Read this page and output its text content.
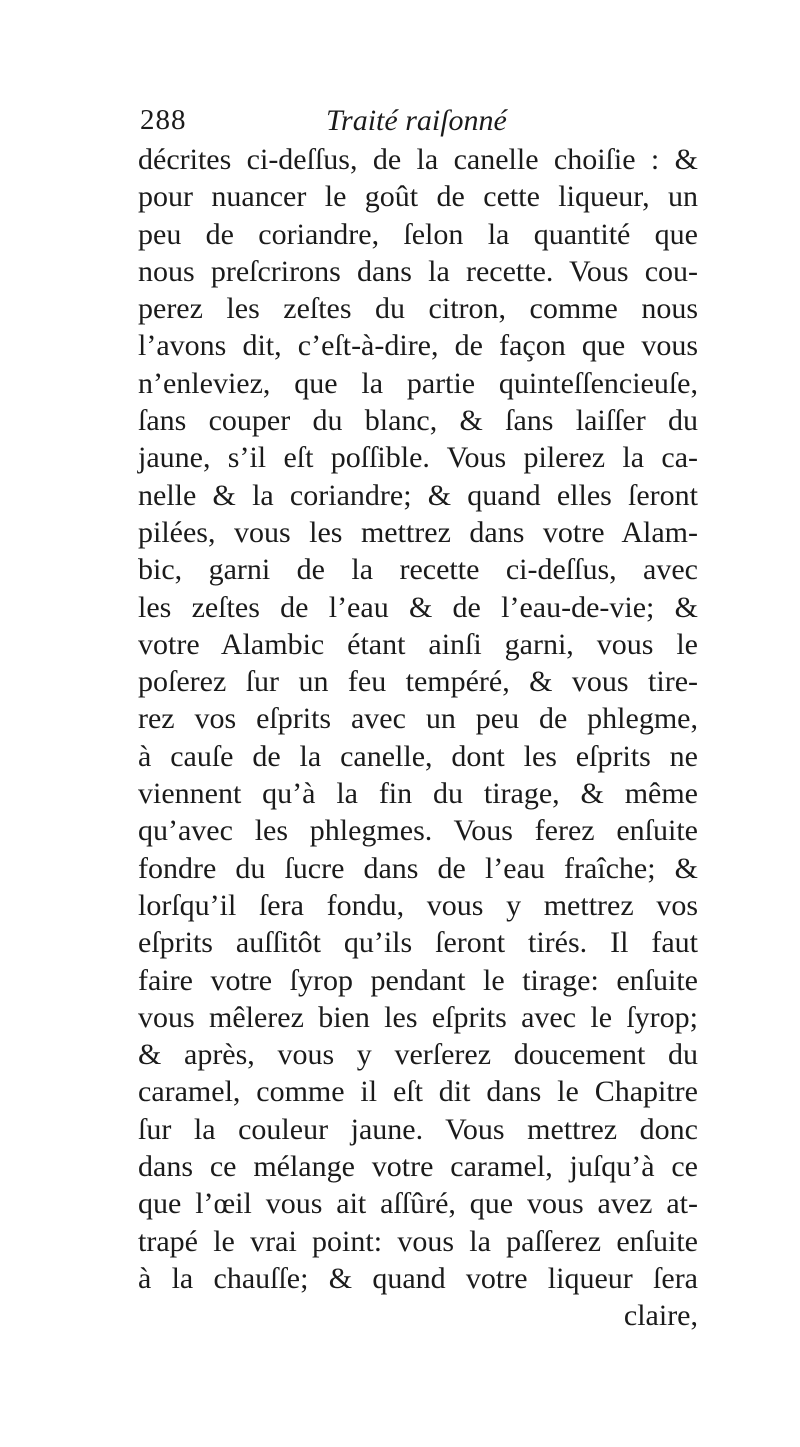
288	Traité raiſonné
décrites ci-deſſus, de la canelle choiſie : &
pour nuancer le goût de cette liqueur, un
peu de coriandre, ſelon la quantité que
nous preſcrirons dans la recette. Vous cou-
perez les zeſtes du citron, comme nous
l’avons dit, c’eſt-à-dire, de façon que vous
n’enleviez, que la partie quinteſſencieuſe,
ſans couper du blanc, & ſans laiſſer du
jaune, s’il eſt poſſible. Vous pilerez la ca-
nelle & la coriandre; & quand elles ſeront
pilées, vous les mettrez dans votre Alam-
bic, garni de la recette ci-deſſus, avec
les zeſtes de l’eau & de l’eau-de-vie; &
votre Alambic étant ainſi garni, vous le
poſerez ſur un feu tempéré, & vous tire-
rez vos eſprits avec un peu de phlegme,
à cauſe de la canelle, dont les eſprits ne
viennent qu’à la fin du tirage, & même
qu’avec les phlegmes. Vous ferez enſuite
fondre du ſucre dans de l’eau fraîche; &
lorſqu’il ſera fondu, vous y mettrez vos
eſprits auſſitôt qu’ils ſeront tirés. Il faut
faire votre ſyrop pendant le tirage: enſuite
vous mêlerez bien les eſprits avec le ſyrop;
& après, vous y verſerez doucement du
caramel, comme il eſt dit dans le Chapitre
ſur la couleur jaune. Vous mettrez donc
dans ce mélange votre caramel, juſqu’à ce
que l’œil vous ait aſſûré, que vous avez at-
trapé le vrai point: vous la paſſerez enſuite
à la chauſſe; & quand votre liqueur ſera
claire,
